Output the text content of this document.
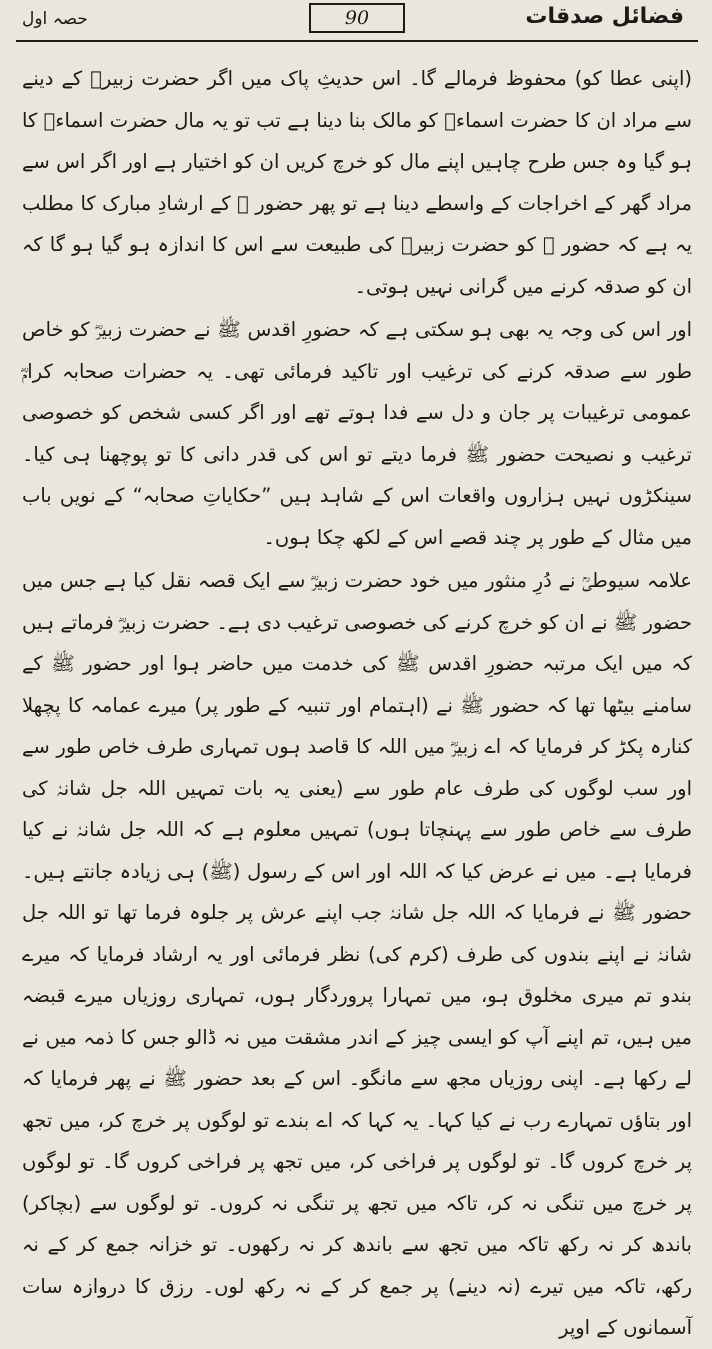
فضائل صدقات
90
حصہ اول

(اپنی عطا کو) محفوظ فرمالے گا۔ اس حدیثِ پاک میں اگر حضرت زبیرؓ کے دینے سے مراد ان کا حضرت اسماءؓ کو مالک بنا دینا ہے تب تو یہ مال حضرت اسماءؓ کا ہو گیا وہ جس طرح چاہیں اپنے مال کو خرچ کریں ان کو اختیار ہے اور اگر اس سے مراد گھر کے اخراجات کے واسطے دینا ہے تو پھر حضور ﷺ کے ارشادِ مبارک کا مطلب یہ ہے کہ حضور ﷺ کو حضرت زبیرؓ کی طبیعت سے اس کا اندازہ ہو گیا ہو گا کہ ان کو صدقہ کرنے میں گرانی نہیں ہوتی۔

اور اس کی وجہ یہ بھی ہو سکتی ہے کہ حضورِ اقدس ﷺ نے حضرت زبیرؓ کو خاص طور سے صدقہ کرنے کی ترغیب اور تاکید فرمائی تھی۔ یہ حضرات صحابہ کرامؓ عمومی ترغیبات پر جان و دل سے فدا ہوتے تھے اور اگر کسی شخص کو خصوصی ترغیب و نصیحت حضور ﷺ فرما دیتے تو اس کی قدر دانی کا تو پوچھنا ہی کیا۔ سینکڑوں نہیں ہزاروں واقعات اس کے شاہد ہیں ”حکایاتِ صحابہ“ کے نویں باب میں مثال کے طور پر چند قصے اس کے لکھ چکا ہوں۔

علامہ سیوطیؒ نے دُرِ منثور میں خود حضرت زبیرؓ سے ایک قصہ نقل کیا ہے جس میں حضور ﷺ نے ان کو خرچ کرنے کی خصوصی ترغیب دی ہے۔ حضرت زبیرؓ فرماتے ہیں کہ میں ایک مرتبہ حضورِ اقدس ﷺ کی خدمت میں حاضر ہوا اور حضور ﷺ کے سامنے بیٹھا تھا کہ حضور ﷺ نے (اہتمام اور تنبیہ کے طور پر) میرے عمامہ کا پچھلا کنارہ پکڑ کر فرمایا کہ اے زبیرؓ میں اللہ کا قاصد ہوں تمہاری طرف خاص طور سے اور سب لوگوں کی طرف عام طور سے (یعنی یہ بات تمہیں اللہ جل شانہٗ کی طرف سے خاص طور سے پہنچاتا ہوں) تمہیں معلوم ہے کہ اللہ جل شانہٗ نے کیا فرمایا ہے۔ میں نے عرض کیا کہ اللہ اور اس کے رسول (ﷺ) ہی زیادہ جانتے ہیں۔ حضور ﷺ نے فرمایا کہ اللہ جل شانہٗ جب اپنے عرش پر جلوہ فرما تھا تو اللہ جل شانہٗ نے اپنے بندوں کی طرف (کرم کی) نظر فرمائی اور یہ ارشاد فرمایا کہ میرے بندو تم میری مخلوق ہو، میں تمہارا پروردگار ہوں، تمہاری روزیاں میرے قبضہ میں ہیں، تم اپنے آپ کو ایسی چیز کے اندر مشقت میں نہ ڈالو جس کا ذمہ میں نے لے رکھا ہے۔ اپنی روزیاں مجھ سے مانگو۔ اس کے بعد حضور ﷺ نے پھر فرمایا کہ اور بتاؤں تمہارے رب نے کیا کہا۔ یہ کہا کہ اے بندے تو لوگوں پر خرچ کر، میں تجھ پر خرچ کروں گا۔ تو لوگوں پر فراخی کر، میں تجھ پر فراخی کروں گا۔ تو لوگوں پر خرچ میں تنگی نہ کر، تاکہ میں تجھ پر تنگی نہ کروں۔ تو لوگوں سے (بچاکر) باندھ کر نہ رکھ تاکہ میں تجھ سے باندھ کر نہ رکھوں۔ تو خزانہ جمع کر کے نہ رکھ، تاکہ میں تیرے (نہ دینے) پر جمع کر کے نہ رکھ لوں۔ رزق کا دروازہ سات آسمانوں کے اوپر
